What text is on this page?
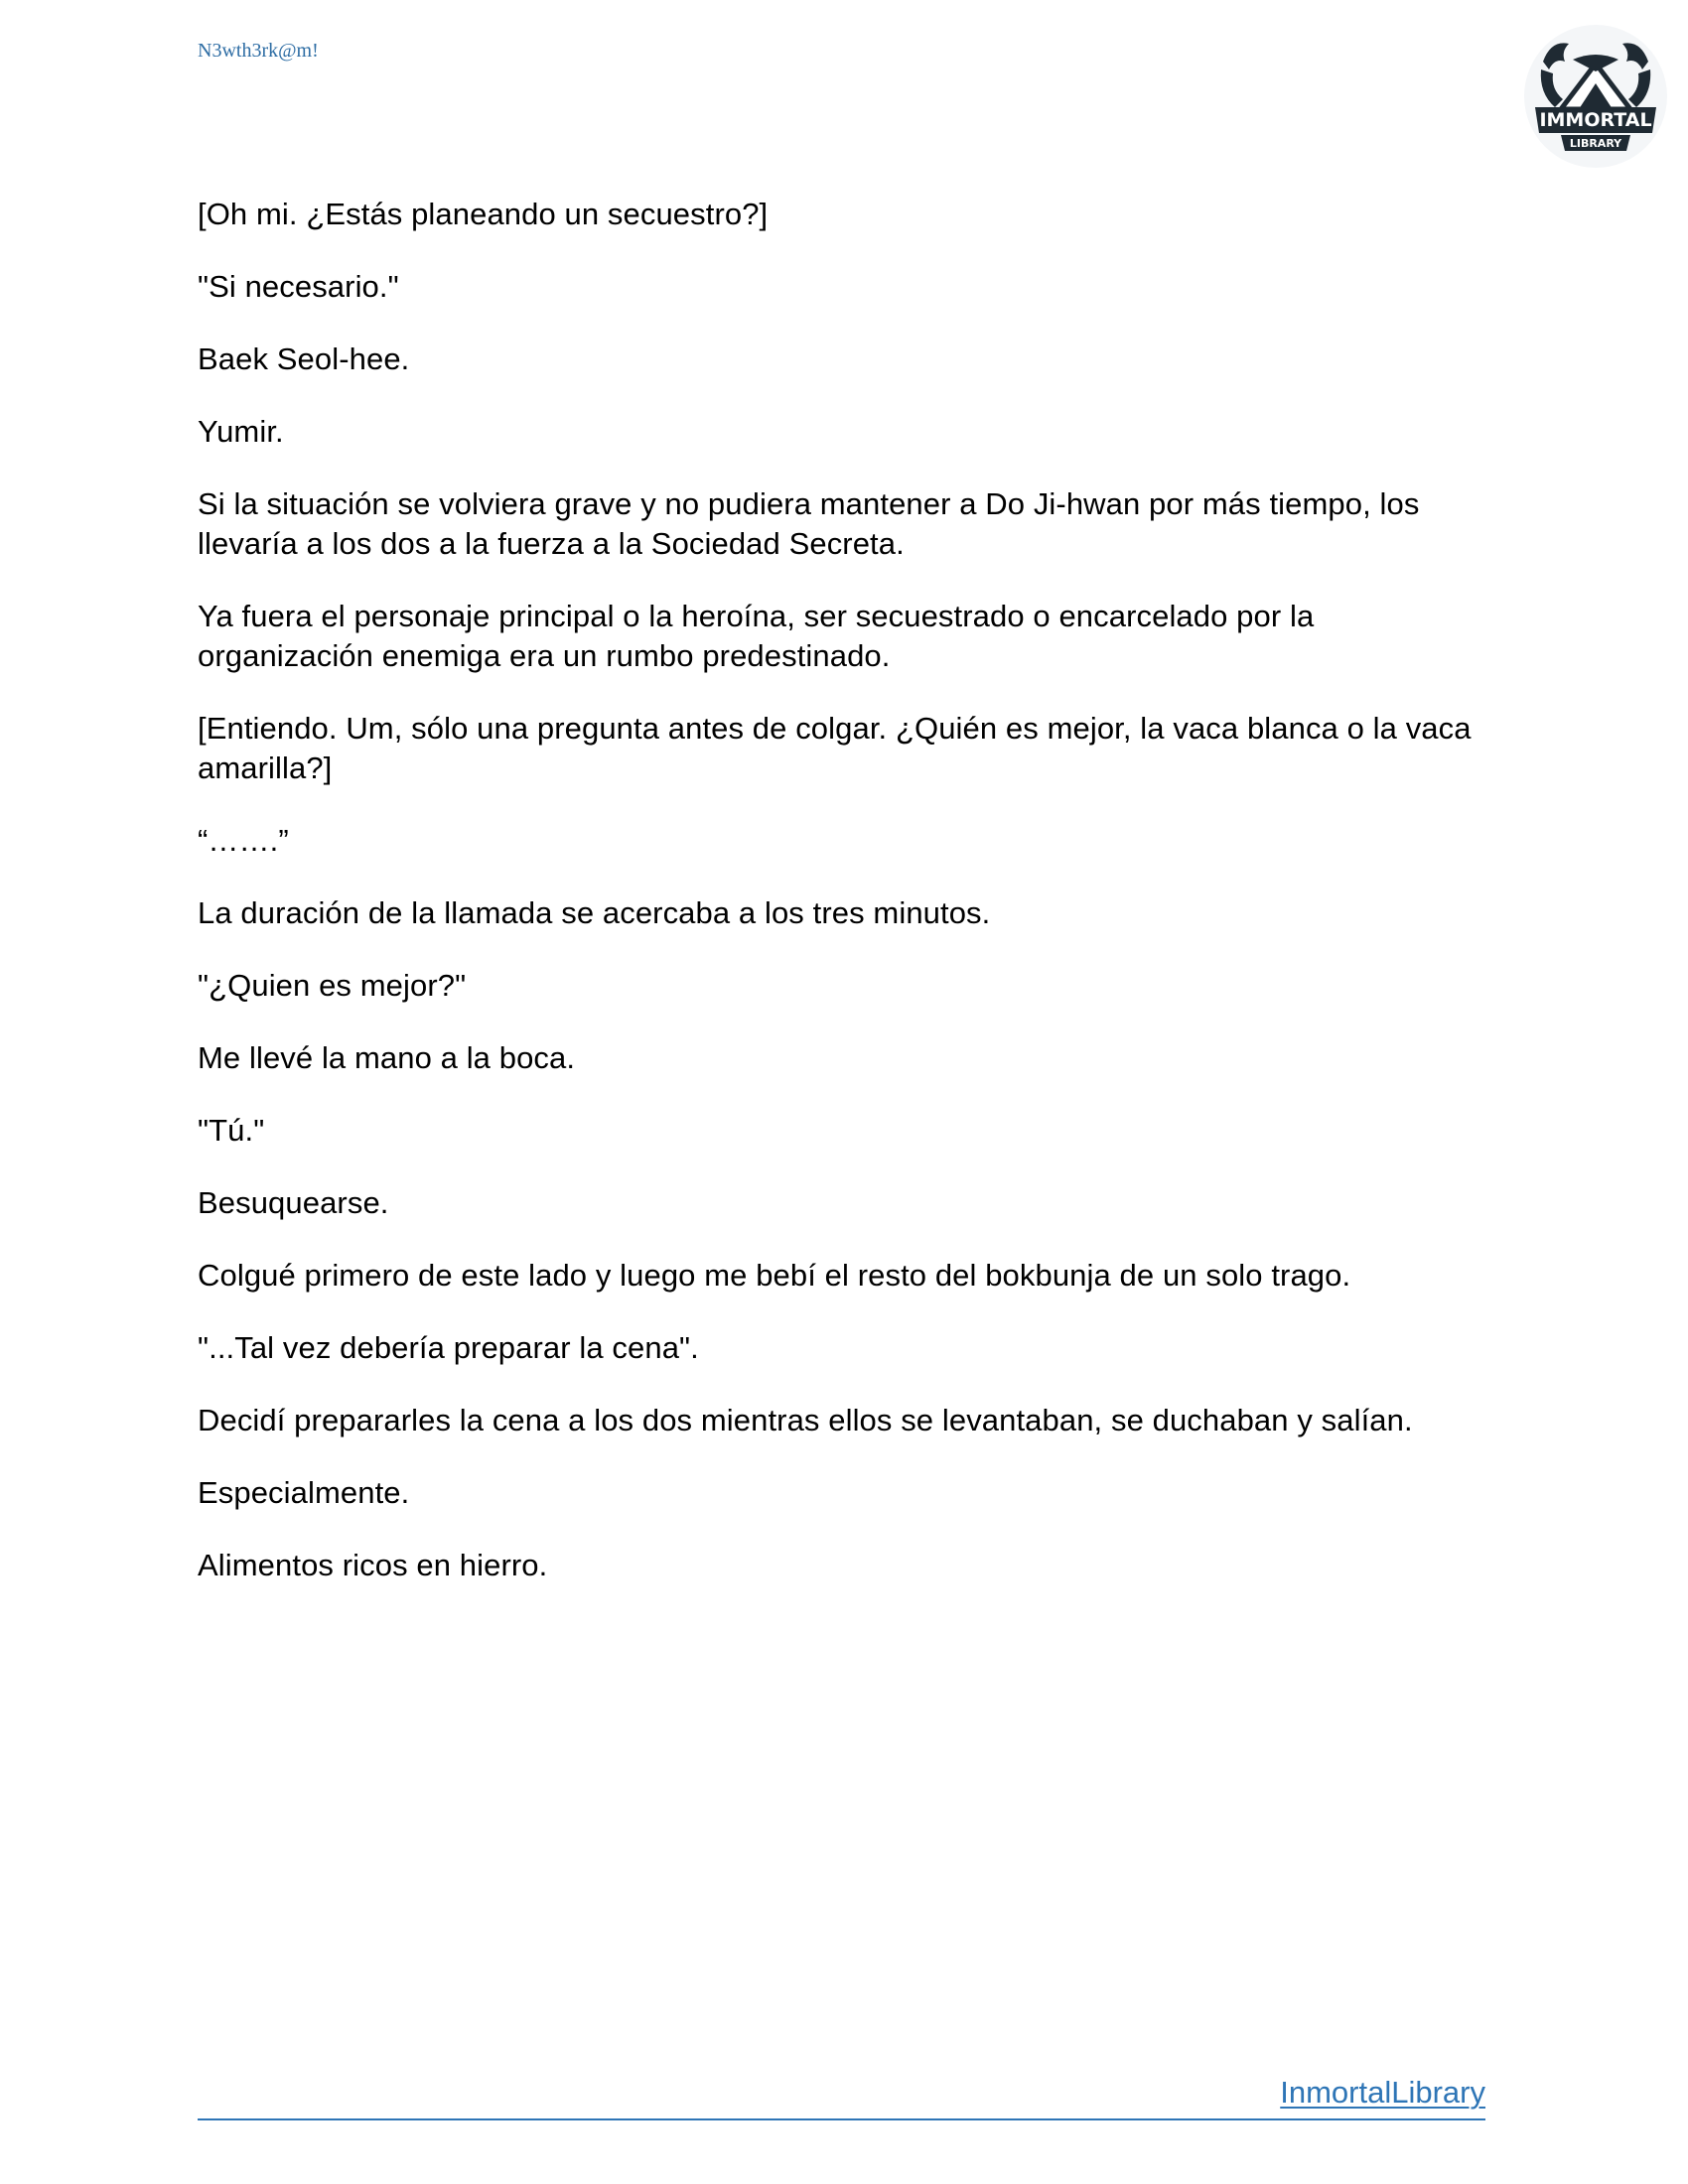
N3wth3rk@m!
IMMORTAL
LIBRARY

[Oh mi. ¿Estás planeando un secuestro?]

"Si necesario."

Baek Seol-hee.

Yumir.

Si la situación se volviera grave y no pudiera mantener a Do Ji-hwan por más tiempo, los llevaría a los dos a la fuerza a la Sociedad Secreta.

Ya fuera el personaje principal o la heroína, ser secuestrado o encarcelado por la organización enemiga era un rumbo predestinado.

[Entiendo. Um, sólo una pregunta antes de colgar. ¿Quién es mejor, la vaca blanca o la vaca amarilla?]

“…….”

La duración de la llamada se acercaba a los tres minutos.

"¿Quien es mejor?"

Me llevé la mano a la boca.

"Tú."

Besuquearse.

Colgué primero de este lado y luego me bebí el resto del bokbunja de un solo trago.

"...Tal vez debería preparar la cena".

Decidí prepararles la cena a los dos mientras ellos se levantaban, se duchaban y salían.

Especialmente.

Alimentos ricos en hierro.

InmortalLibrary
